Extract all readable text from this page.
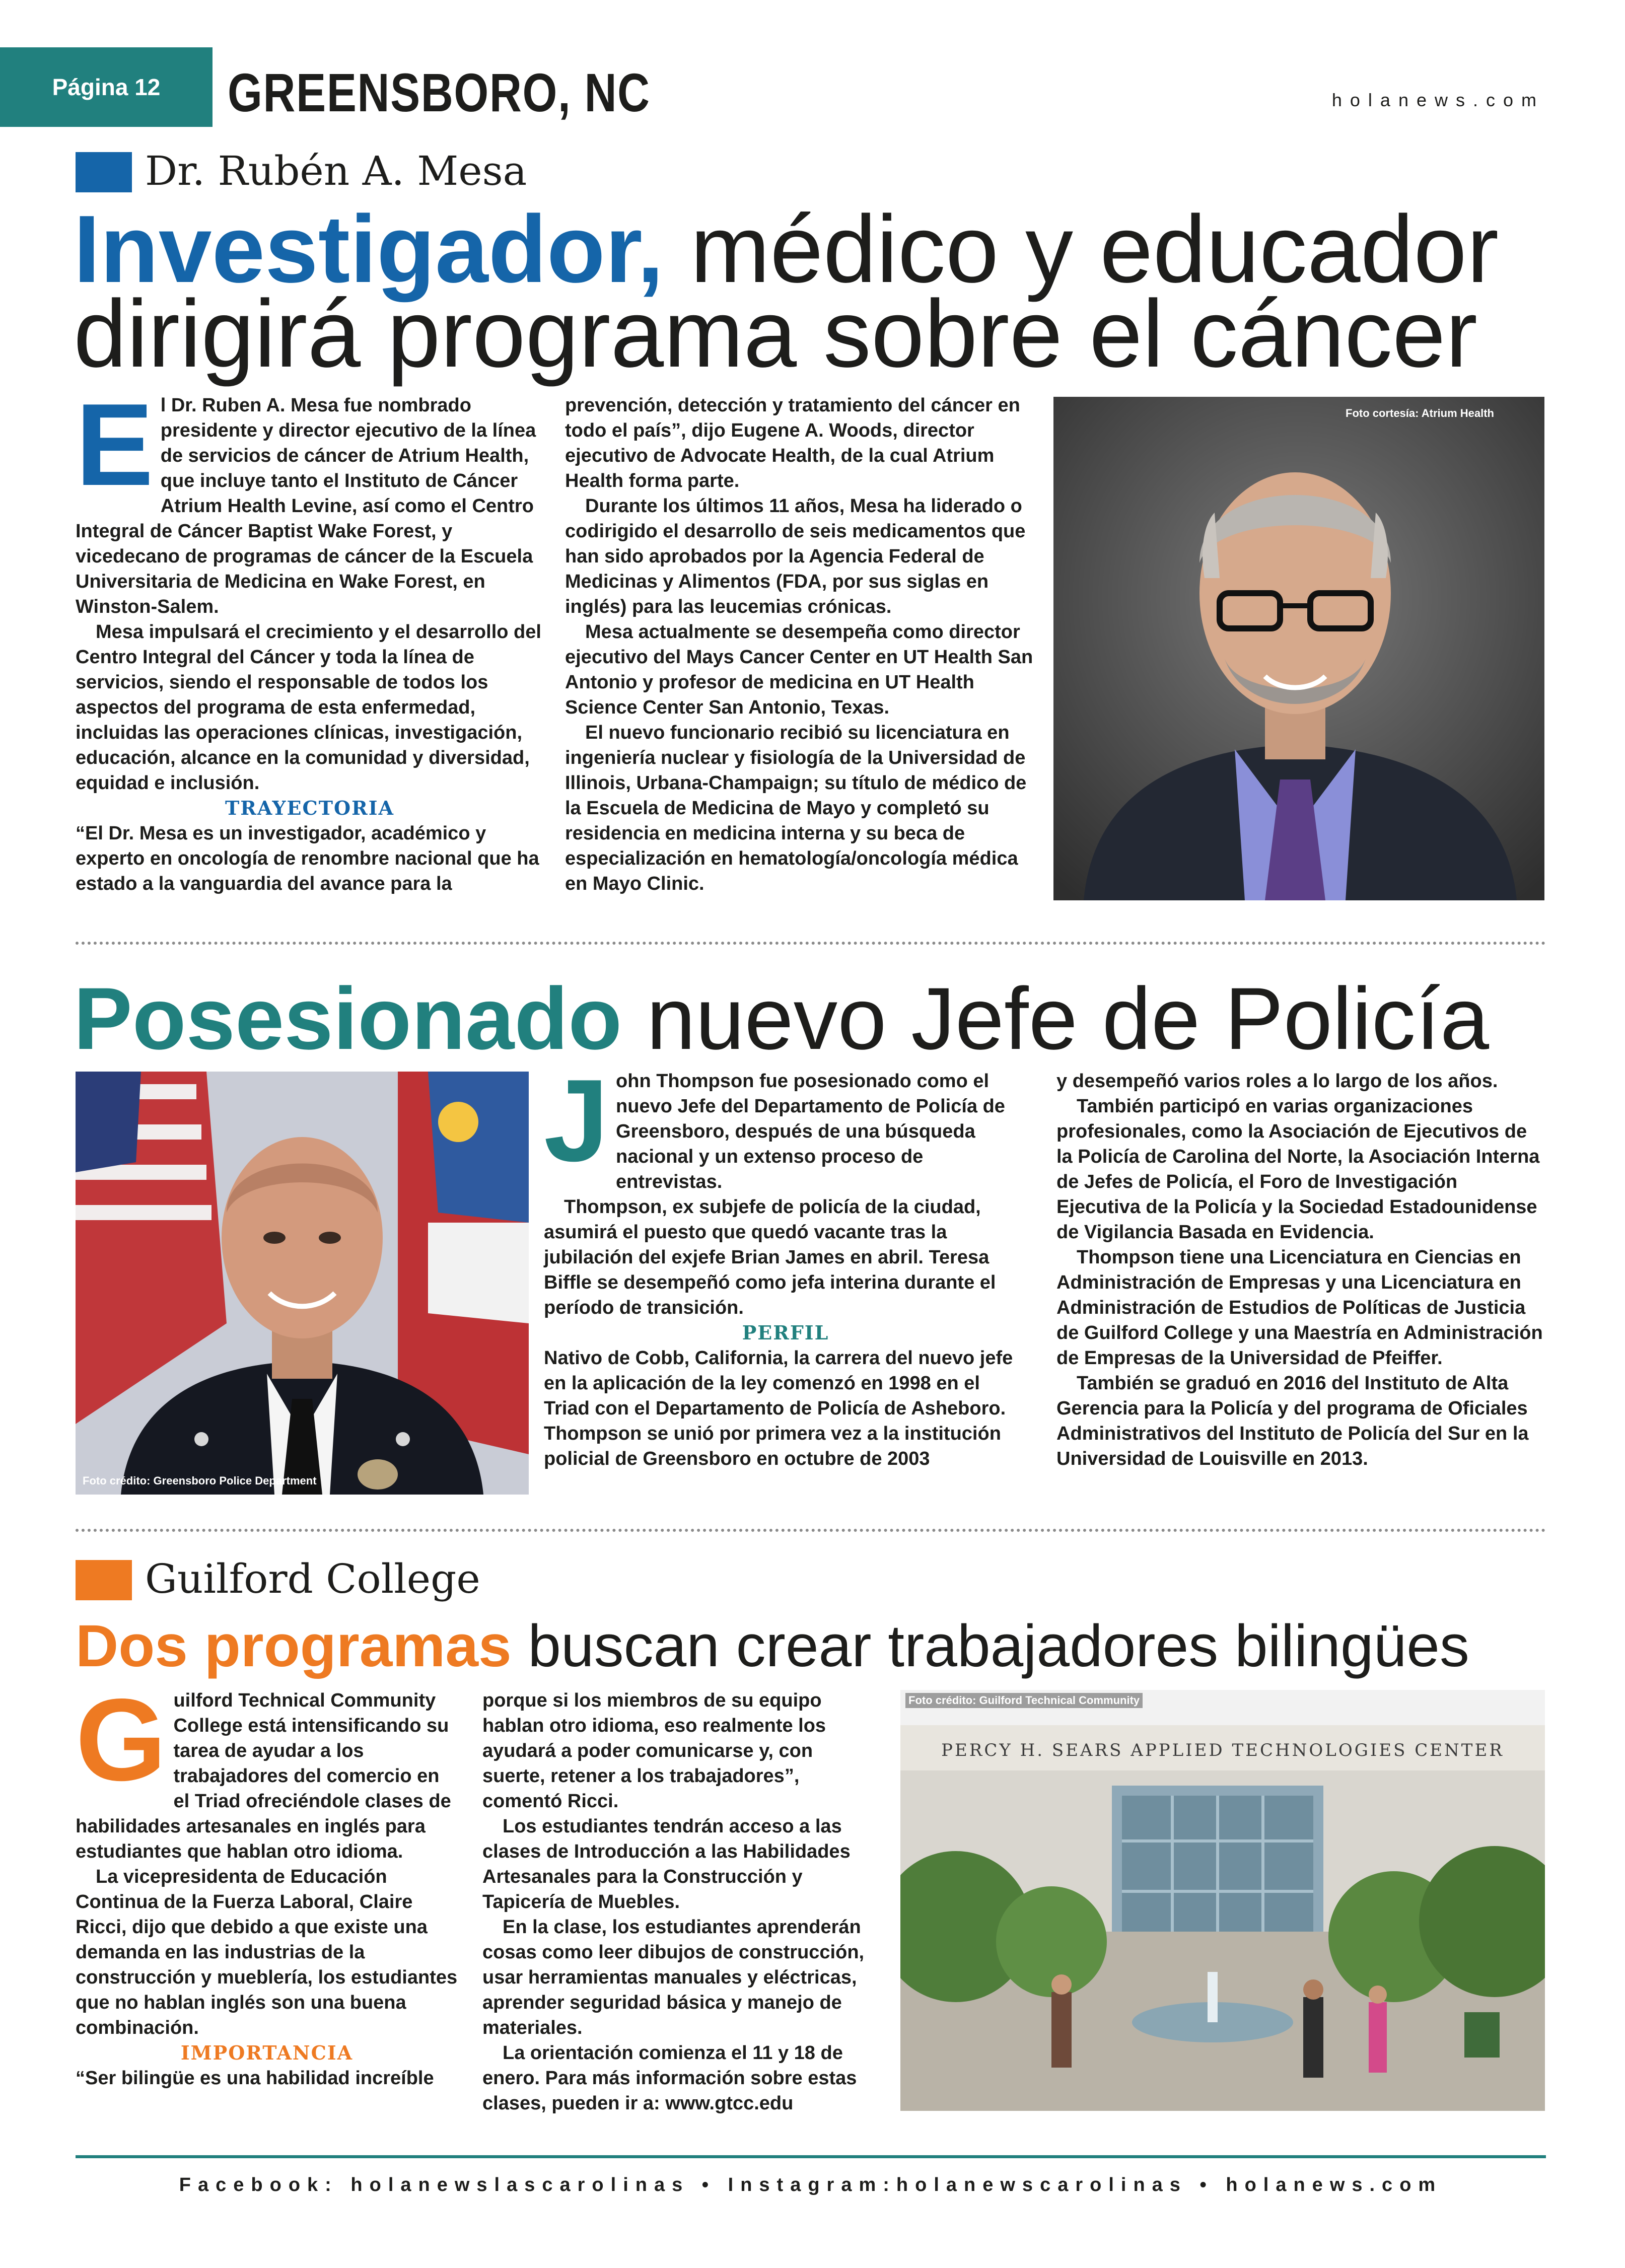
Página 12 GREENSBORO, NC	holanews.com
Dr. Rubén A. Mesa
Investigador, médico y educador
dirigirá programa sobre el cáncer
E l Dr. Ruben A. Mesa fue nombrado presidente y director ejecutivo de la línea de servicios de cáncer de Atrium Health, que incluye tanto el Instituto de Cáncer Atrium Health Levine, así como el Centro Integral de Cáncer Baptist Wake Forest, y vicedecano de programas de cáncer de la Escuela Universitaria de Medicina en Wake Forest, en Winston-Salem.

Mesa impulsará el crecimiento y el desarrollo del Centro Integral del Cáncer y toda la línea de servicios, siendo el responsable de todos los aspectos del programa de esta enfermedad, incluidas las operaciones clínicas, investigación, educación, alcance en la comunidad y diversidad, equidad e inclusión.

TRAYECTORIA

“El Dr. Mesa es un investigador, académico y experto en oncología de renombre nacional que ha estado a la vanguardia del avance para la

prevención, detección y tratamiento del cáncer en todo el país”, dijo Eugene A. Woods, director ejecutivo de Advocate Health, de la cual Atrium Health forma parte.

Durante los últimos 11 años, Mesa ha liderado o codirigido el desarrollo de seis medicamentos que han sido aprobados por la Agencia Federal de Medicinas y Alimentos (FDA, por sus siglas en inglés) para las leucemias crónicas.

Mesa actualmente se desempeña como director ejecutivo del Mays Cancer Center en UT Health San Antonio y profesor de medicina en UT Health Science Center San Antonio, Texas.

El nuevo funcionario recibió su licenciatura en ingeniería nuclear y fisiología de la Universidad de Illinois, Urbana-Champaign; su título de médico de la Escuela de Medicina de Mayo y completó su residencia en medicina interna y su beca de especialización en hematología/oncología médica en Mayo Clinic.

Foto cortesía: Atrium Health
Posesionado nuevo Jefe de Policía
Foto crédito: Greensboro Police Department
J ohn Thompson fue posesionado como el nuevo Jefe del Departamento de Policía de Greensboro, después de una búsqueda nacional y un extenso proceso de entrevistas.

Thompson, ex subjefe de policía de la ciudad, asumirá el puesto que quedó vacante tras la jubilación del exjefe Brian James en abril. Teresa Biffle se desempeñó como jefa interina durante el período de transición.

PERFIL

Nativo de Cobb, California, la carrera del nuevo jefe en la aplicación de la ley comenzó en 1998 en el Triad con el Departamento de Policía de Asheboro. Thompson se unió por primera vez a la institución policial de Greensboro en octubre de 2003

y desempeñó varios roles a lo largo de los años.

También participó en varias organizaciones profesionales, como la Asociación de Ejecutivos de la Policía de Carolina del Norte, la Asociación Interna de Jefes de Policía, el Foro de Investigación Ejecutiva de la Policía y la Sociedad Estadounidense de Vigilancia Basada en Evidencia.

Thompson tiene una Licenciatura en Ciencias en Administración de Empresas y una Licenciatura en Administración de Estudios de Políticas de Justicia de Guilford College y una Maestría en Administración de Empresas de la Universidad de Pfeiffer.

También se graduó en 2016 del Instituto de Alta Gerencia para la Policía y del programa de Oficiales Administrativos del Instituto de Policía del Sur en la Universidad de Louisville en 2013.

Guilford College
Dos programas buscan crear trabajadores bilingües
G uilford Technical Community College está intensificando su tarea de ayudar a los trabajadores del comercio en el Triad ofreciéndole clases de habilidades artesanales en inglés para estudiantes que hablan otro idioma.

La vicepresidenta de Educación Continua de la Fuerza Laboral, Claire Ricci, dijo que debido a que existe una demanda en las industrias de la construcción y mueblería, los estudiantes que no hablan inglés son una buena combinación.

IMPORTANCIA

“Ser bilingüe es una habilidad increíble

porque si los miembros de su equipo hablan otro idioma, eso realmente los ayudará a poder comunicarse y, con suerte, retener a los trabajadores”, comentó Ricci.

Los estudiantes tendrán acceso a las clases de Introducción a las Habilidades Artesanales para la Construcción y Tapicería de Muebles.

En la clase, los estudiantes aprenderán cosas como leer dibujos de construcción, usar herramientas manuales y eléctricas, aprender seguridad básica y manejo de materiales.

La orientación comienza el 11 y 18 de enero. Para más información sobre estas clases, pueden ir a: www.gtcc.edu

PERCY H. SEARS APPLIED TECHNOLOGIES CENTER
Foto crédito: Guilford Technical Community
Facebook: holanewslascarolinas • Instagram:holanewscarolinas • holanews.com
